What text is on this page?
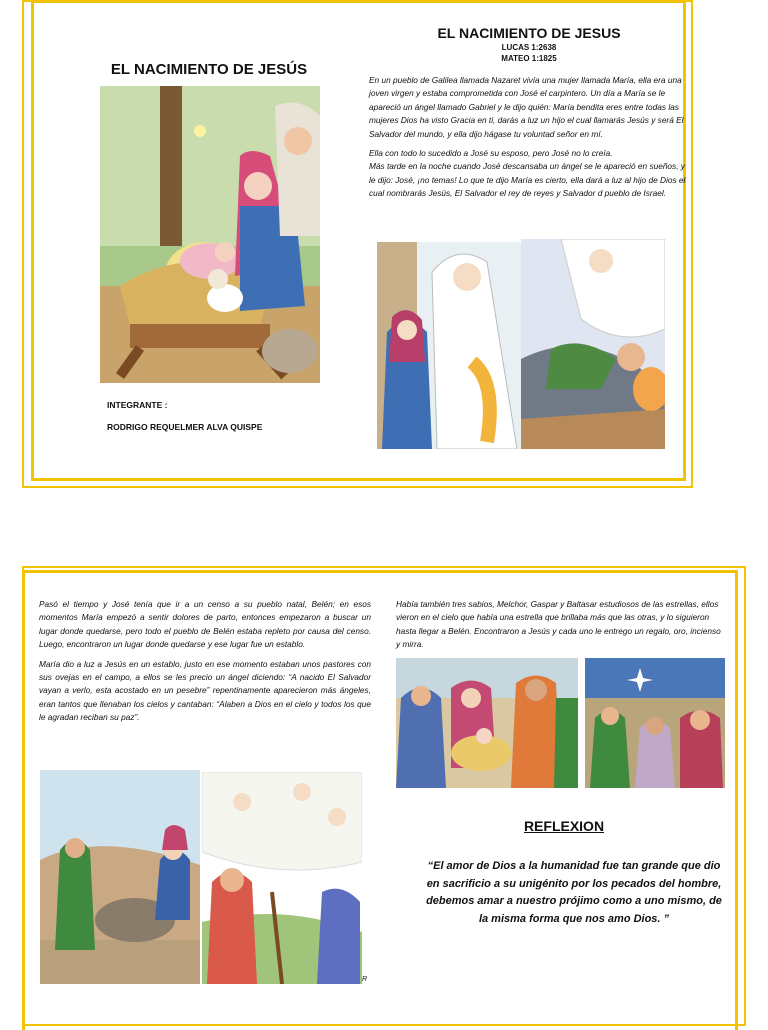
EL NACIMIENTO DE JESÚS
INTEGRANTE :
RODRIGO REQUELMER ALVA QUISPE
EL NACIMIENTO DE JESUS
LUCAS 1:2638
MATEO 1:1825

En un pueblo de Galilea llamada Nazaret vivía una mujer llamada María, ella era una joven virgen y estaba comprometida con José el carpintero. Un día a María se le apareció un ángel llamado Gabriel y le dijo quién: María bendita eres entre todas las mujeres Dios ha visto Gracia en ti, darás a luz un hijo el cual llamarás Jesús y será El Salvador del mundo, y ella dijo hágase tu voluntad señor en mí.

Ella con todo lo sucedido a José su esposo, pero José no lo creía.
Más tarde en la noche cuando José descansaba un ángel se le apareció en sueños, y le dijo: José, ¡no temas! Lo que te dijo María es cierto, ella dará a luz al hijo de Dios el cual nombrarás Jesús, El Salvador el rey de reyes y Salvador d pueblo de Israel.

Pasó el tiempo y José tenía que ir a un censo a su pueblo natal, Belén; en esos momentos María empezó a sentir dolores de parto, entonces empezaron a buscar un lugar donde quedarse, pero todo el pueblo de Belén estaba repleto por causa del censo. Luego, encontraron un lugar donde quedarse y ese lugar fue un establo.

María dio a luz a Jesús en un establo, justo en ese momento estaban unos pastores con sus ovejas en el campo, a ellos se les precio un ángel diciendo: “A nacido El Salvador vayan a verlo, esta acostado en un pesebre” repentinamente aparecieron más ángeles, eran tantos que llenaban los cielos y cantaban: “Alaben a Dios en el cielo y todos los que le agradan reciban su paz”.

R

Había también tres sabios, Melchor, Gaspar y Baltasar estudiosos de las estrellas, ellos vieron en el cielo que había una estrella que brillaba más que las otras, y lo siguieron hasta llegar a Belén. Encontraron a Jesús y cada uno le entrego un regalo, oro, incienso y mirra.

REFLEXION
“El amor de Dios a la humanidad fue tan grande que dio en sacrificio a su unigénito por los pecados del hombre, debemos amar a nuestro prójimo como a uno mismo, de la misma forma que nos amo Dios. ”
